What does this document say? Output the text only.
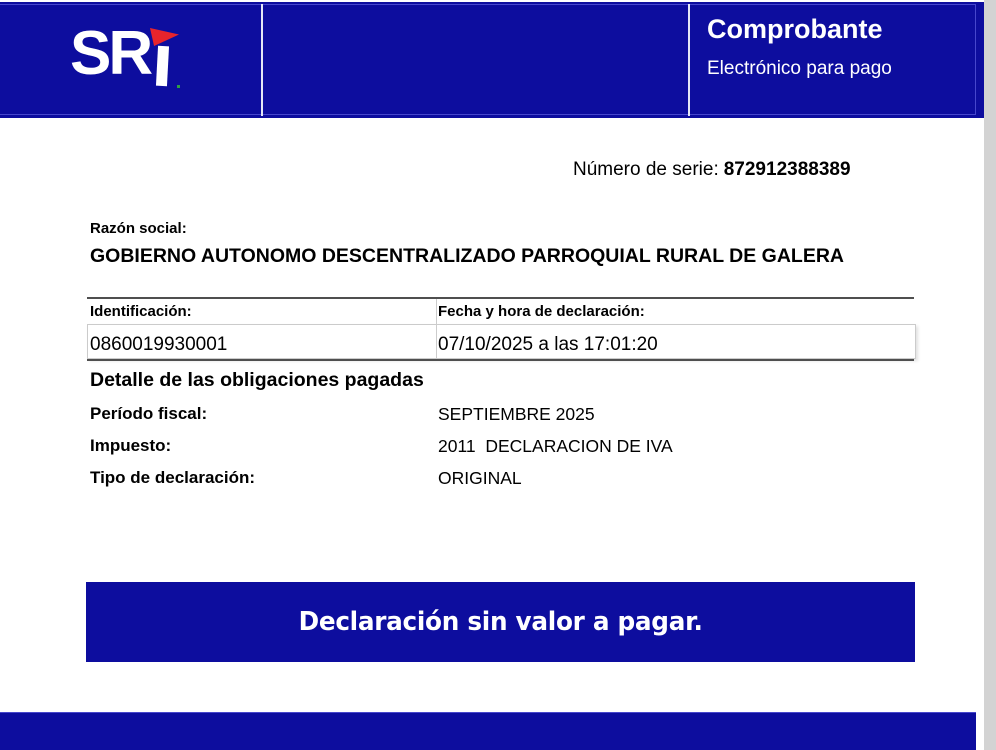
SR	Comprobante
Electrónico para pago
Número de serie: 872912388389
Razón social:
GOBIERNO AUTONOMO DESCENTRALIZADO PARROQUIAL RURAL DE GALERA
Identificación:	Fecha y hora de declaración:
0860019930001	07/10/2025 a las 17:01:20
Detalle de las obligaciones pagadas
Período fiscal:	SEPTIEMBRE 2025
Impuesto:	2011  DECLARACION DE IVA
Tipo de declaración:	ORIGINAL
Declaración sin valor a pagar.
